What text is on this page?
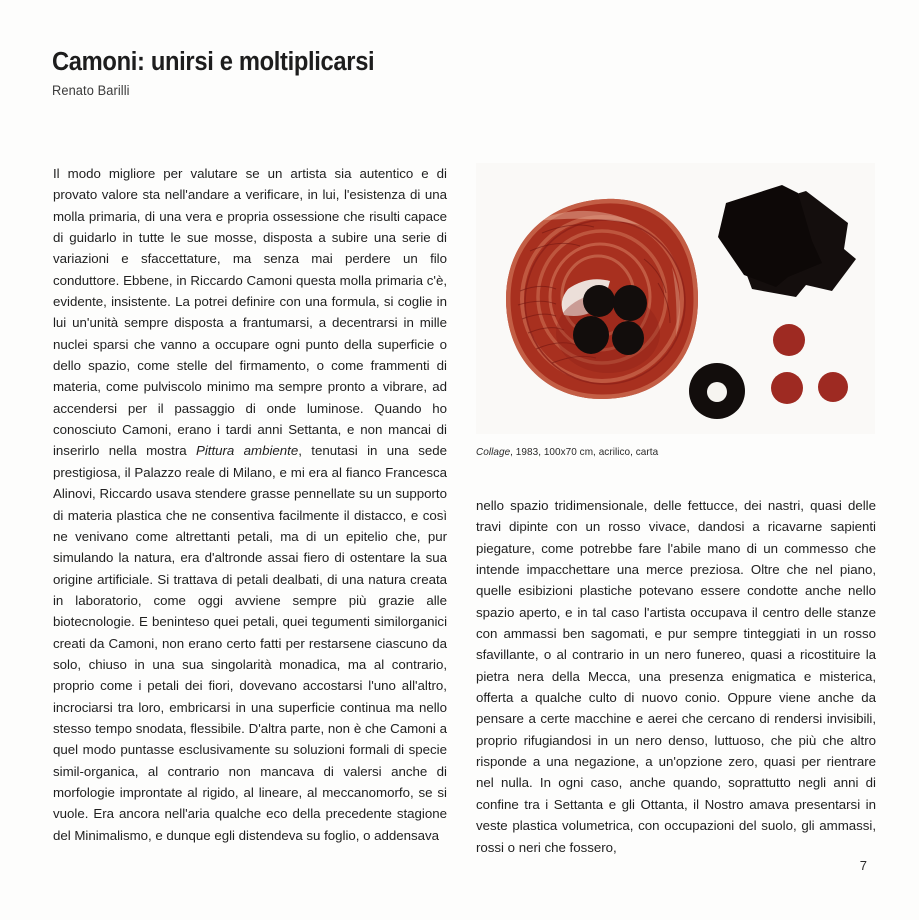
Camoni: unirsi e moltiplicarsi
Renato Barilli

Il modo migliore per valutare se un artista sia autentico e di provato valore sta nell'andare a verificare, in lui, l'esistenza di una molla primaria, di una vera e propria ossessione che risulti capace di guidarlo in tutte le sue mosse, disposta a subire una serie di variazioni e sfaccettature, ma senza mai perdere un filo conduttore. Ebbene, in Riccardo Camoni questa molla primaria c'è, evidente, insistente. La potrei definire con una formula, si coglie in lui un'unità sempre disposta a frantumarsi, a decentrarsi in mille nuclei sparsi che vanno a occupare ogni punto della superficie o dello spazio, come stelle del firmamento, o come frammenti di materia, come pulviscolo minimo ma sempre pronto a vibrare, ad accendersi per il passaggio di onde luminose. Quando ho conosciuto Camoni, erano i tardi anni Settanta, e non mancai di inserirlo nella mostra Pittura ambiente, tenutasi in una sede prestigiosa, il Palazzo reale di Milano, e mi era al fianco Francesca Alinovi, Riccardo usava stendere grasse pennellate su un supporto di materia plastica che ne consentiva facilmente il distacco, e così ne venivano come altrettanti petali, ma di un epitelio che, pur simulando la natura, era d'altronde assai fiero di ostentare la sua origine artificiale. Si trattava di petali dealbati, di una natura creata in laboratorio, come oggi avviene sempre più grazie alle biotecnologie. E beninteso quei petali, quei tegumenti similorganici creati da Camoni, non erano certo fatti per restarsene ciascuno da solo, chiuso in una sua singolarità monadica, ma al contrario, proprio come i petali dei fiori, dovevano accostarsi l'uno all'altro, incrociarsi tra loro, embricarsi in una superficie continua ma nello stesso tempo snodata, flessibile. D'altra parte, non è che Camoni a quel modo puntasse esclusivamente su soluzioni formali di specie simil-organica, al contrario non mancava di valersi anche di morfologie improntate al rigido, al lineare, al meccanomorfo, se si vuole. Era ancora nell'aria qualche eco della precedente stagione del Minimalismo, e dunque egli distendeva su foglio, o addensava

Collage, 1983, 100x70 cm, acrilico, carta

nello spazio tridimensionale, delle fettucce, dei nastri, quasi delle travi dipinte con un rosso vivace, dandosi a ricavarne sapienti piegature, come potrebbe fare l'abile mano di un commesso che intende impacchettare una merce preziosa. Oltre che nel piano, quelle esibizioni plastiche potevano essere condotte anche nello spazio aperto, e in tal caso l'artista occupava il centro delle stanze con ammassi ben sagomati, e pur sempre tinteggiati in un rosso sfavillante, o al contrario in un nero funereo, quasi a ricostituire la pietra nera della Mecca, una presenza enigmatica e misterica, offerta a qualche culto di nuovo conio. Oppure viene anche da pensare a certe macchine e aerei che cercano di rendersi invisibili, proprio rifugiandosi in un nero denso, luttuoso, che più che altro risponde a una negazione, a un'opzione zero, quasi per rientrare nel nulla. In ogni caso, anche quando, soprattutto negli anni di confine tra i Settanta e gli Ottanta, il Nostro amava presentarsi in veste plastica volumetrica, con occupazioni del suolo, gli ammassi, rossi o neri che fossero,

7
